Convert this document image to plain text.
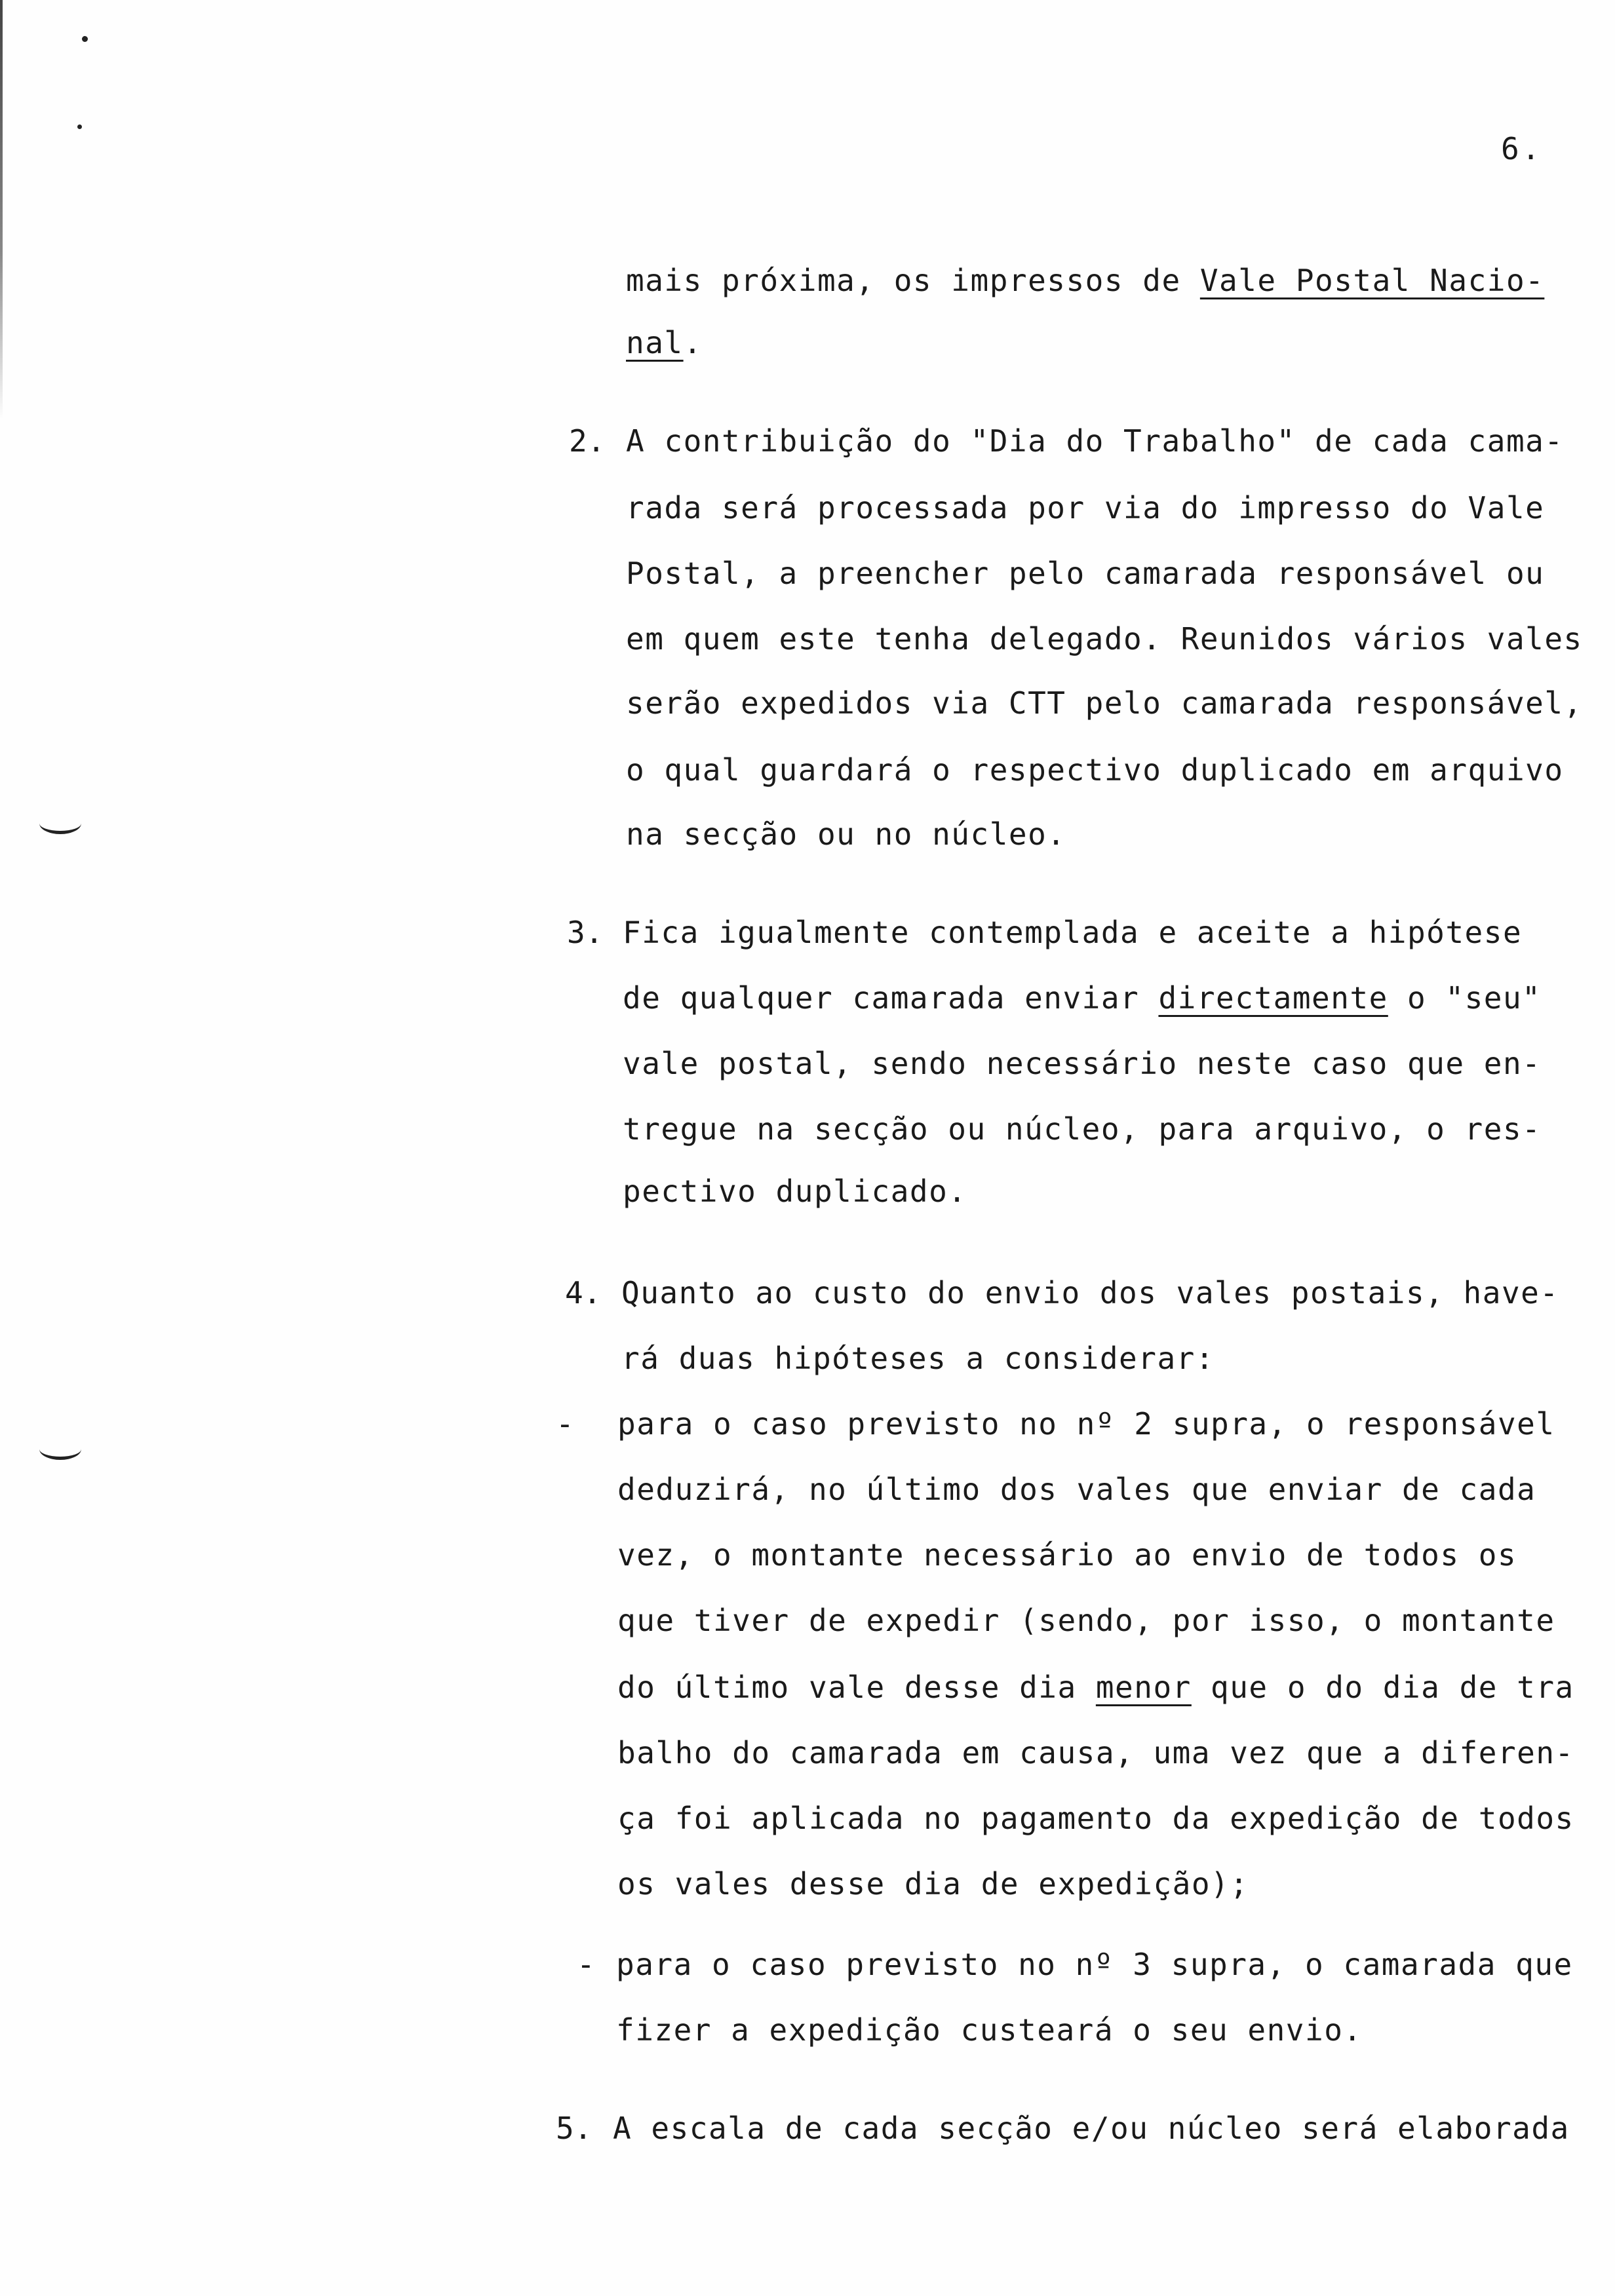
6.
mais próxima, os impressos de Vale Postal Nacio-
nal.
2. A contribuição do "Dia do Trabalho" de cada cama-
rada será processada por via do impresso do Vale
Postal, a preencher pelo camarada responsável ou
em quem este tenha delegado. Reunidos vários vales
serão expedidos via CTT pelo camarada responsável,
o qual guardará o respectivo duplicado em arquivo
na secção ou no núcleo.
3. Fica igualmente contemplada e aceite a hipótese
de qualquer camarada enviar directamente o "seu"
vale postal, sendo necessário neste caso que en-
tregue na secção ou núcleo, para arquivo, o res-
pectivo duplicado.
4. Quanto ao custo do envio dos vales postais, have-
rá duas hipóteses a considerar:
- para o caso previsto no nº 2 supra, o responsável
deduzirá, no último dos vales que enviar de cada
vez, o montante necessário ao envio de todos os
que tiver de expedir (sendo, por isso, o montante
do último vale desse dia menor que o do dia de tra
balho do camarada em causa, uma vez que a diferen-
ça foi aplicada no pagamento da expedição de todos
os vales desse dia de expedição);
- para o caso previsto no nº 3 supra, o camarada que
fizer a expedição custeará o seu envio.
5. A escala de cada secção e/ou núcleo será elaborada
